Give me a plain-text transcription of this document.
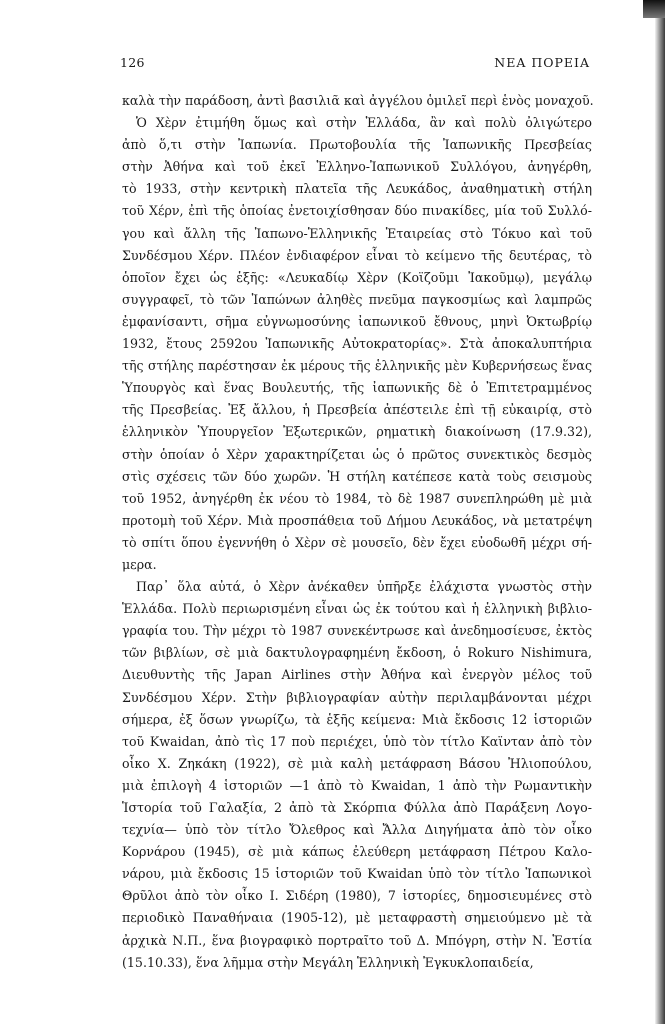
126	ΝΕΑ ΠΟΡΕΙΑ

καλὰ τὴν παράδοση, ἀντὶ βασιλιᾶ καὶ ἀγγέλου ὁμιλεῖ περὶ ἑνὸς μοναχοῦ.

Ὁ Χὲρν ἐτιμήθη ὅμως καὶ στὴν Ἑλλάδα, ἂν καὶ πολὺ ὀλιγώτερο
ἀπὸ ὅ,τι στὴν Ἰαπωνία. Πρωτοβουλία τῆς Ἰαπωνικῆς Πρεσβείας
στὴν Ἀθήνα καὶ τοῦ ἐκεῖ Ἑλληνο-Ἰαπωνικοῦ Συλλόγου, ἀνηγέρθη,
τὸ 1933, στὴν κεντρικὴ πλατεῖα τῆς Λευκάδος, ἀναθηματικὴ στήλη
τοῦ Χέρν, ἐπὶ τῆς ὁποίας ἐνετοιχίσθησαν δύο πινακίδες, μία τοῦ Συλλό-
γου καὶ ἄλλη τῆς Ἰαπωνο-Ἑλληνικῆς Ἑταιρείας στὸ Τόκυο καὶ τοῦ
Συνδέσμου Χέρν. Πλέον ἐνδιαφέρον εἶναι τὸ κείμενο τῆς δευτέρας, τὸ
ὁποῖον ἔχει ὡς ἑξῆς: «Λευκαδίῳ Χὲρν (Κοϊζοῦμι Ἰακοῦμῳ), μεγάλῳ
συγγραφεῖ, τὸ τῶν Ἰαπώνων ἀληθὲς πνεῦμα παγκοσμίως καὶ λαμπρῶς
ἐμφανίσαντι, σῆμα εὐγνωμοσύνης ἰαπωνικοῦ ἔθνους, μηνὶ Ὀκτωβρίῳ
1932, ἔτους 2592ου Ἰαπωνικῆς Αὐτοκρατορίας». Στὰ ἀποκαλυπτήρια
τῆς στήλης παρέστησαν ἐκ μέρους τῆς ἑλληνικῆς μὲν Κυβερνήσεως ἕνας
Ὑπουργὸς καὶ ἕνας Βουλευτής, τῆς ἰαπωνικῆς δὲ ὁ Ἐπιτετραμμένος
τῆς Πρεσβείας. Ἐξ ἄλλου, ἡ Πρεσβεία ἀπέστειλε ἐπὶ τῇ εὐκαιρίᾳ, στὸ
ἑλληνικὸν Ὑπουργεῖον Ἐξωτερικῶν, ρηματικὴ διακοίνωση (17.9.32),
στὴν ὁποίαν ὁ Χὲρν χαρακτηρίζεται ὡς ὁ πρῶτος συνεκτικὸς δεσμὸς
στὶς σχέσεις τῶν δύο χωρῶν. Ἡ στήλη κατέπεσε κατὰ τοὺς σεισμοὺς
τοῦ 1952, ἀνηγέρθη ἐκ νέου τὸ 1984, τὸ δὲ 1987 συνεπληρώθη μὲ μιὰ
προτομὴ τοῦ Χέρν. Μιὰ προσπάθεια τοῦ Δήμου Λευκάδος, νὰ μετατρέψη
τὸ σπίτι ὅπου ἐγεννήθη ὁ Χὲρν σὲ μουσεῖο, δὲν ἔχει εὐοδωθῆ μέχρι σή-
μερα.

Παρ᾽ ὅλα αὐτά, ὁ Χὲρν ἀνέκαθεν ὑπῆρξε ἐλάχιστα γνωστὸς στὴν
Ἑλλάδα. Πολὺ περιωρισμένη εἶναι ὡς ἐκ τούτου καὶ ἡ ἑλληνικὴ βιβλιο-
γραφία του. Τὴν μέχρι τὸ 1987 συνεκέντρωσε καὶ ἀνεδημοσίευσε, ἐκτὸς
τῶν βιβλίων, σὲ μιὰ δακτυλογραφημένη ἔκδοση, ὁ Rokuro Nishimura,
Διευθυντὴς τῆς Japan Airlines στὴν Ἀθήνα καὶ ἐνεργὸν μέλος τοῦ
Συνδέσμου Χέρν. Στὴν βιβλιογραφίαν αὐτὴν περιλαμβάνονται μέχρι
σήμερα, ἐξ ὅσων γνωρίζω, τὰ ἑξῆς κείμενα: Μιὰ ἔκδοσις 12 ἱστοριῶν
τοῦ Kwaidan, ἀπὸ τὶς 17 ποὺ περιέχει, ὑπὸ τὸν τίτλο Καϊνταν ἀπὸ τὸν
οἶκο Χ. Ζηκάκη (1922), σὲ μιὰ καλὴ μετάφραση Βάσου Ἠλιοπούλου,
μιὰ ἐπιλογὴ 4 ἱστοριῶν —1 ἀπὸ τὸ Kwaidan, 1 ἀπὸ τὴν Ρωμαντικὴν
Ἱστορία τοῦ Γαλαξία, 2 ἀπὸ τὰ Σκόρπια Φύλλα ἀπὸ Παράξενη Λογο-
τεχνία— ὑπὸ τὸν τίτλο Ὄλεθρος καὶ Ἄλλα Διηγήματα ἀπὸ τὸν οἶκο
Κορνάρου (1945), σὲ μιὰ κάπως ἐλεύθερη μετάφραση Πέτρου Καλο-
νάρου, μιὰ ἔκδοσις 15 ἱστοριῶν τοῦ Kwaidan ὑπὸ τὸν τίτλο Ἰαπωνικοὶ
Θρῦλοι ἀπὸ τὸν οἶκο Ι. Σιδέρη (1980), 7 ἱστορίες, δημοσιευμένες στὸ
περιοδικὸ Παναθήναια (1905-12), μὲ μεταφραστὴ σημειούμενο μὲ τὰ
ἀρχικὰ Ν.Π., ἕνα βιογραφικὸ πορτραῖτο τοῦ Δ. Μπόγρη, στὴν Ν. Ἑστία
(15.10.33), ἕνα λῆμμα στὴν Μεγάλη Ἑλληνικὴ Ἐγκυκλοπαιδεία,
